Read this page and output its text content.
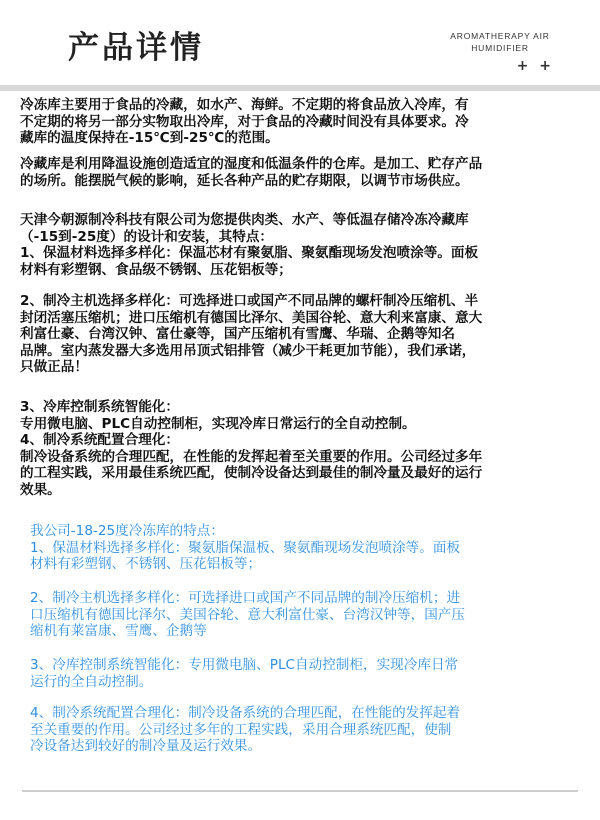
产品详情	AROMATHERAPY AIR HUMIDIFIER
+ +

冷冻库主要用于食品的冷藏，如水产、海鲜。不定期的将食品放入冷库，有
不定期的将另一部分实物取出冷库，对于食品的冷藏时间没有具体要求。冷
藏库的温度保持在-15℃到-25℃的范围。

冷藏库是利用降温设施创造适宜的湿度和低温条件的仓库。是加工、贮存产品
的场所。能摆脱气候的影响，延长各种产品的贮存期限，以调节市场供应。

天津今朝源制冷科技有限公司为您提供肉类、水产、等低温存储冷冻冷藏库
（-15到-25度）的设计和安装，其特点：
1、保温材料选择多样化：保温芯材有聚氨脂、聚氨酯现场发泡喷涂等。面板
材料有彩塑钢、食品级不锈钢、压花铝板等；

2、制冷主机选择多样化：可选择进口或国产不同品牌的螺杆制冷压缩机、半
封闭活塞压缩机；进口压缩机有德国比泽尔、美国谷轮、意大利来富康、意大
利富仕豪、台湾汉钟、富仕豪等，国产压缩机有雪鹰、华瑞、企鹅等知名
品牌。室内蒸发器大多选用吊顶式铝排管（减少干耗更加节能），我们承诺，
只做正品！

3、冷库控制系统智能化：
专用微电脑、PLC自动控制柜，实现冷库日常运行的全自动控制。
4、制冷系统配置合理化：
制冷设备系统的合理匹配，在性能的发挥起着至关重要的作用。公司经过多年
的工程实践，采用最佳系统匹配，使制冷设备达到最佳的制冷量及最好的运行
效果。

我公司-18-25度冷冻库的特点：
1、保温材料选择多样化：聚氨脂保温板、聚氨酯现场发泡喷涂等。面板
材料有彩塑钢、不锈钢、压花铝板等；

2、制冷主机选择多样化：可选择进口或国产不同品牌的制冷压缩机；进
口压缩机有德国比泽尔、美国谷轮、意大利富仕豪、台湾汉钟等，国产压
缩机有莱富康、雪鹰、企鹅等

3、冷库控制系统智能化：专用微电脑、PLC自动控制柜，实现冷库日常
运行的全自动控制。

4、制冷系统配置合理化：制冷设备系统的合理匹配，在性能的发挥起着
至关重要的作用。公司经过多年的工程实践，采用合理系统匹配，使制
冷设备达到较好的制冷量及运行效果。
